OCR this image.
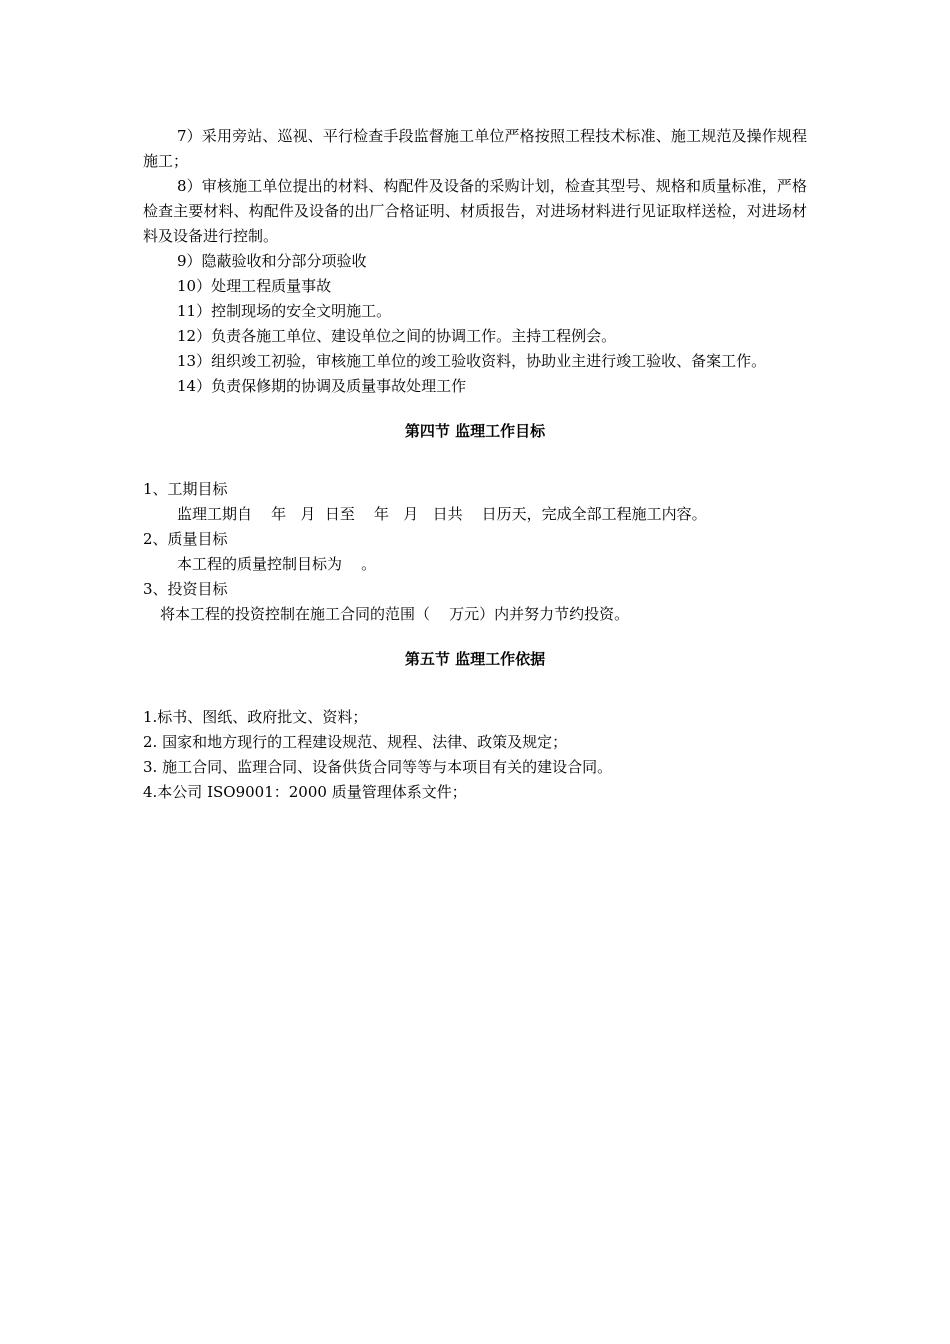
7）采用旁站、巡视、平行检查手段监督施工单位严格按照工程技术标准、施工规范及操作规程施工；

8）审核施工单位提出的材料、构配件及设备的采购计划，检查其型号、规格和质量标准，严格检查主要材料、构配件及设备的出厂合格证明、材质报告，对进场材料进行见证取样送检，对进场材料及设备进行控制。

9）隐蔽验收和分部分项验收

10）处理工程质量事故

11）控制现场的安全文明施工。

12）负责各施工单位、建设单位之间的协调工作。主持工程例会。

13）组织竣工初验，审核施工单位的竣工验收资料，协助业主进行竣工验收、备案工作。

14）负责保修期的协调及质量事故处理工作

第四节 监理工作目标

1、工期目标

监理工期自    年   月  日至    年   月   日共    日历天，完成全部工程施工内容。

2、质量目标

本工程的质量控制目标为    。

3、投资目标

将本工程的投资控制在施工合同的范围（    万元）内并努力节约投资。

第五节 监理工作依据

1.标书、图纸、政府批文、资料；

2. 国家和地方现行的工程建设规范、规程、法律、政策及规定；

3. 施工合同、监理合同、设备供货合同等等与本项目有关的建设合同。

4.本公司 ISO9001：2000 质量管理体系文件；
